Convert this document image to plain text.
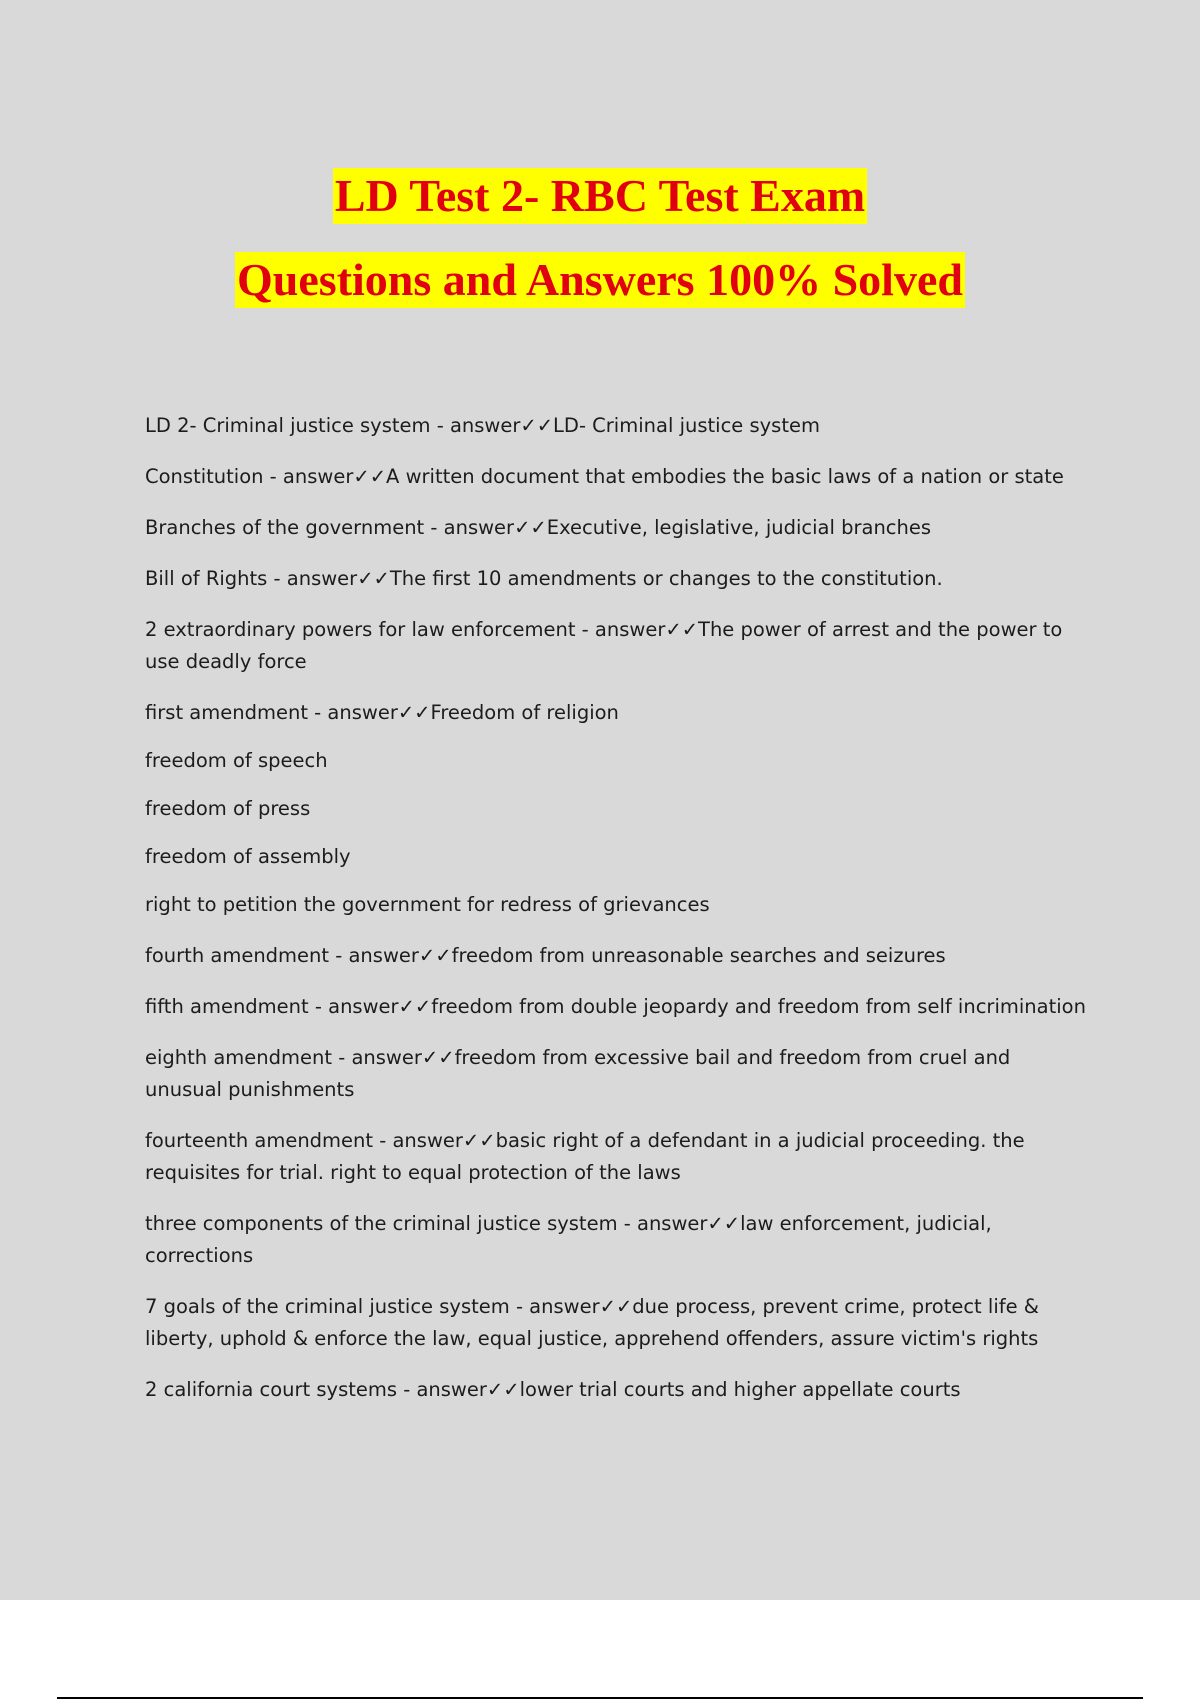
LD Test 2- RBC Test Exam
Questions and Answers 100% Solved

LD 2- Criminal justice system - answer✓✓LD- Criminal justice system

Constitution - answer✓✓A written document that embodies the basic laws of a nation or state

Branches of the government - answer✓✓Executive, legislative, judicial branches

Bill of Rights - answer✓✓The first 10 amendments or changes to the constitution.

2 extraordinary powers for law enforcement - answer✓✓The power of arrest and the power to use deadly force

first amendment - answer✓✓Freedom of religion

freedom of speech

freedom of press

freedom of assembly

right to petition the government for redress of grievances

fourth amendment - answer✓✓freedom from unreasonable searches and seizures

fifth amendment - answer✓✓freedom from double jeopardy and freedom from self incrimination

eighth amendment - answer✓✓freedom from excessive bail and freedom from cruel and unusual punishments

fourteenth amendment - answer✓✓basic right of a defendant in a judicial proceeding. the requisites for trial. right to equal protection of the laws

three components of the criminal justice system - answer✓✓law enforcement, judicial, corrections

7 goals of the criminal justice system - answer✓✓due process, prevent crime, protect life & liberty, uphold & enforce the law, equal justice, apprehend offenders, assure victim's rights

2 california court systems - answer✓✓lower trial courts and higher appellate courts
